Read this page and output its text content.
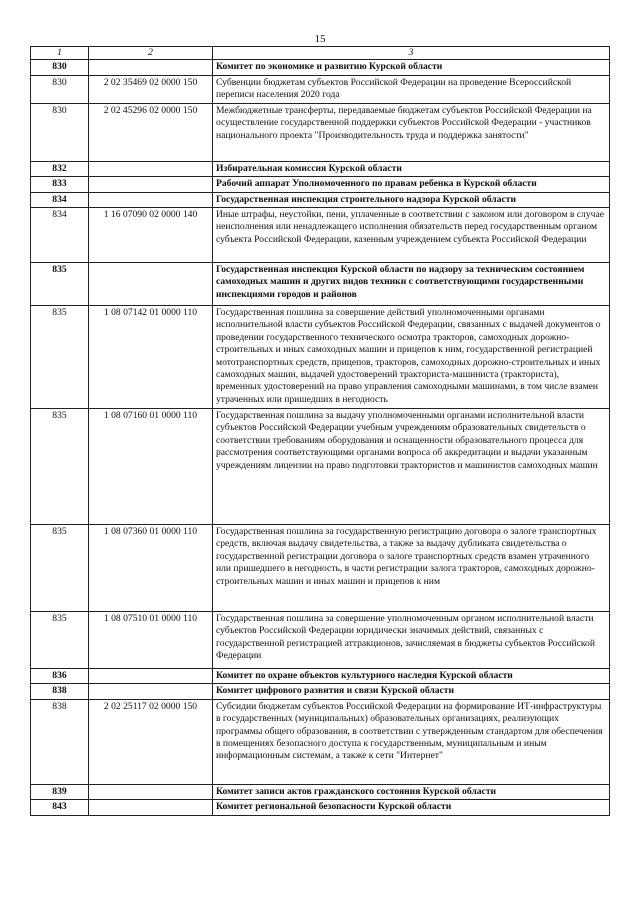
15
1	2	3
830		Комитет по экономике и развитию Курской области
830	2 02 35469 02 0000 150	Субвенции бюджетам субъектов Российской Федерации на проведение Всероссийской переписи населения 2020 года
830	2 02 45296 02 0000 150	Межбюджетные трансферты, передаваемые бюджетам субъектов Российской Федерации на осуществление государственной поддержки субъектов Российской Федерации - участников национального проекта "Производительность труда и поддержка занятости"
832		Избирательная комиссия Курской области
833		Рабочий аппарат Уполномоченного по правам ребенка в Курской области
834		Государственная инспекция строительного надзора Курской области
834	1 16 07090 02 0000 140	Иные штрафы, неустойки, пени, уплаченные в соответствии с законом или договором в случае неисполнения или ненадлежащего исполнения обязательств перед государственным органом субъекта Российской Федерации, казенным учреждением субъекта Российской Федерации
835		Государственная инспекция Курской области по надзору за техническим состоянием самоходных машин и других видов техники с соответствующими государственными инспекциями городов и районов
835	1 08 07142 01 0000 110	Государственная пошлина за совершение действий уполномоченными органами исполнительной власти субъектов Российской Федерации, связанных с выдачей документов о проведении государственного технического осмотра тракторов, самоходных дорожно-строительных и иных самоходных машин и прицепов к ним, государственной регистрацией мототранспортных средств, прицепов, тракторов, самоходных дорожно-строительных и иных самоходных машин, выдачей удостоверений тракториста-машиниста (тракториста), временных удостоверений на право управления самоходными машинами, в том числе взамен утраченных или пришедших в негодность
835	1 08 07160 01 0000 110	Государственная пошлина за выдачу уполномоченными органами исполнительной власти субъектов Российской Федерации учебным учреждениям образовательных свидетельств о соответствии требованиям оборудования и оснащенности образовательного процесса для рассмотрения соответствующими органами вопроса об аккредитации и выдачи указанным учреждениям лицензии на право подготовки трактористов и машинистов самоходных машин
835	1 08 07360 01 0000 110	Государственная пошлина за государственную регистрацию договора о залоге транспортных средств, включая выдачу свидетельства, а также за выдачу дубликата свидетельства о государственной регистрации договора о залоге транспортных средств взамен утраченного или пришедшего в негодность, в части регистрации залога тракторов, самоходных дорожно-строительных машин и иных машин и прицепов к ним
835	1 08 07510 01 0000 110	Государственная пошлина за совершение уполномоченным органом исполнительной власти субъектов Российской Федерации юридически значимых действий, связанных с государственной регистрацией аттракционов, зачисляемая в бюджеты субъектов Российской Федерации
836		Комитет по охране объектов культурного наследия Курской области
838		Комитет цифрового развития и связи Курской области
838	2 02 25117 02 0000 150	Субсидии бюджетам субъектов Российской Федерации на формирование ИТ-инфраструктуры в государственных (муниципальных) образовательных организациях, реализующих программы общего образования, в соответствии с утвержденным стандартом для обеспечения в помещениях безопасного доступа к государственным, муниципальным и иным информационным системам, а также к сети "Интернет"
839		Комитет записи актов гражданского состояния Курской области
843		Комитет региональной безопасности Курской области
